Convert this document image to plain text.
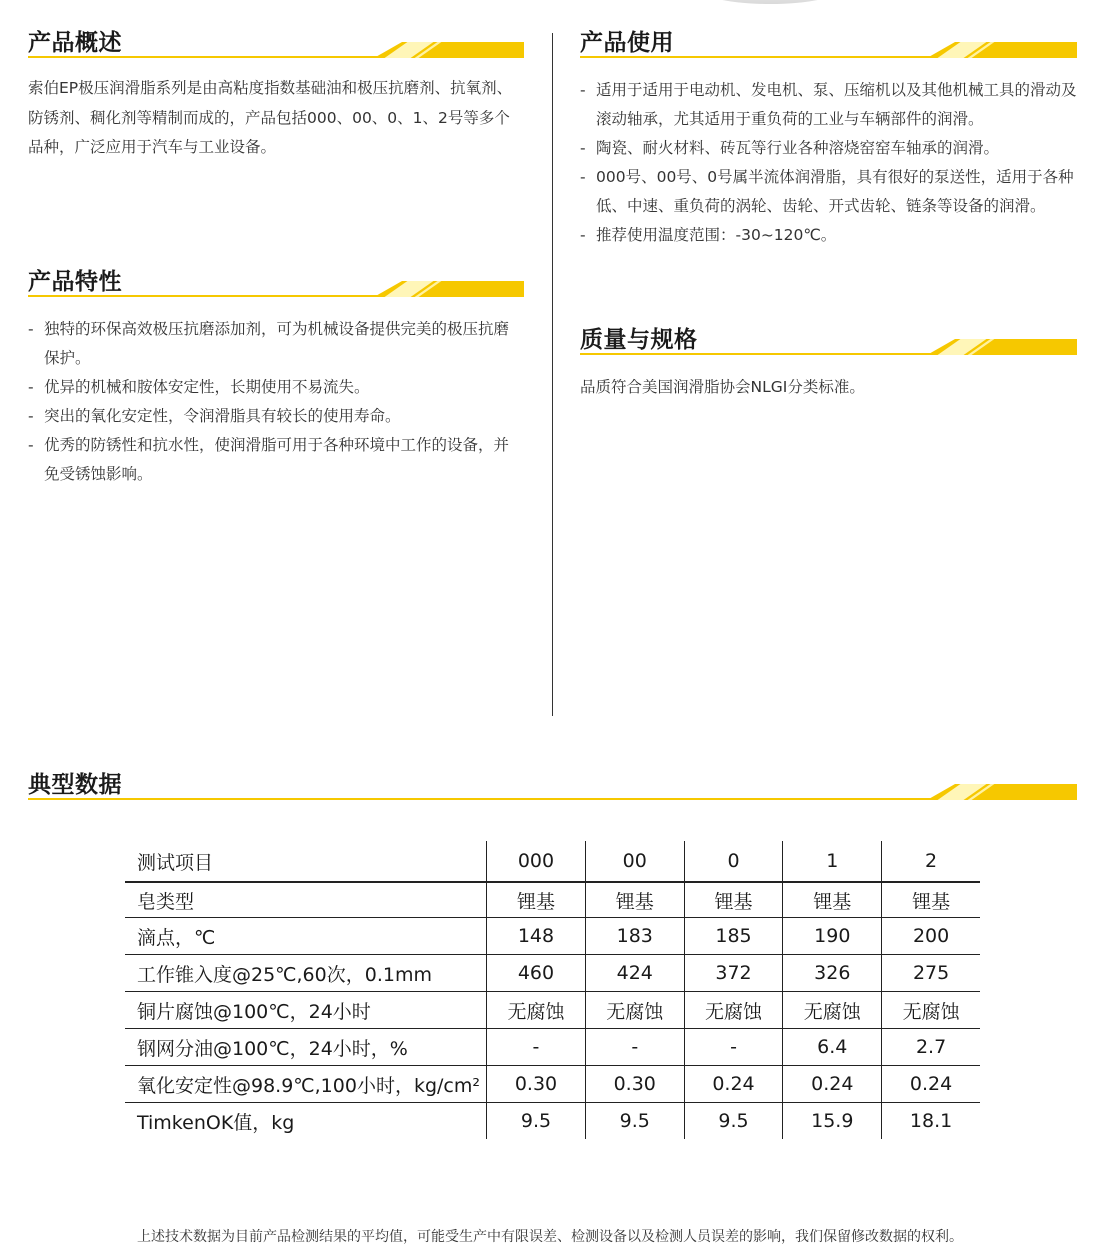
产品概述

索伯EP极压润滑脂系列是由高粘度指数基础油和极压抗磨剂、抗氧剂、防锈剂、稠化剂等精制而成的，产品包括000、00、0、1、2号等多个品种，广泛应用于汽车与工业设备。

产品特性
- 独特的环保高效极压抗磨添加剂，可为机械设备提供完美的极压抗磨保护。
- 优异的机械和胺体安定性，长期使用不易流失。
- 突出的氧化安定性，令润滑脂具有较长的使用寿命。
- 优秀的防锈性和抗水性，使润滑脂可用于各种环境中工作的设备，并免受锈蚀影响。
产品使用
- 适用于适用于电动机、发电机、泵、压缩机以及其他机械工具的滑动及滚动轴承，尤其适用于重负荷的工业与车辆部件的润滑。
- 陶瓷、耐火材料、砖瓦等行业各种溶烧窑窑车轴承的润滑。
- 000号、00号、0号属半流体润滑脂，具有很好的泵送性，适用于各种低、中速、重负荷的涡轮、齿轮、开式齿轮、链条等设备的润滑。
- 推荐使用温度范围：-30~120℃。
质量与规格

品质符合美国润滑脂协会NLGI分类标准。

典型数据
测试项目	000	00	0	1	2
皂类型	锂基	锂基	锂基	锂基	锂基
滴点，℃	148	183	185	190	200
工作锥入度@25℃,60次，0.1mm	460	424	372	326	275
铜片腐蚀@100℃，24小时	无腐蚀	无腐蚀	无腐蚀	无腐蚀	无腐蚀
钢网分油@100℃，24小时，%	-	-	-	6.4	2.7
氧化安定性@98.9℃,100小时，kg/cm²	0.30	0.30	0.24	0.24	0.24
TimkenOK值，kg	9.5	9.5	9.5	15.9	18.1
上述技术数据为目前产品检测结果的平均值，可能受生产中有限误差、检测设备以及检测人员误差的影响，我们保留修改数据的权利。
